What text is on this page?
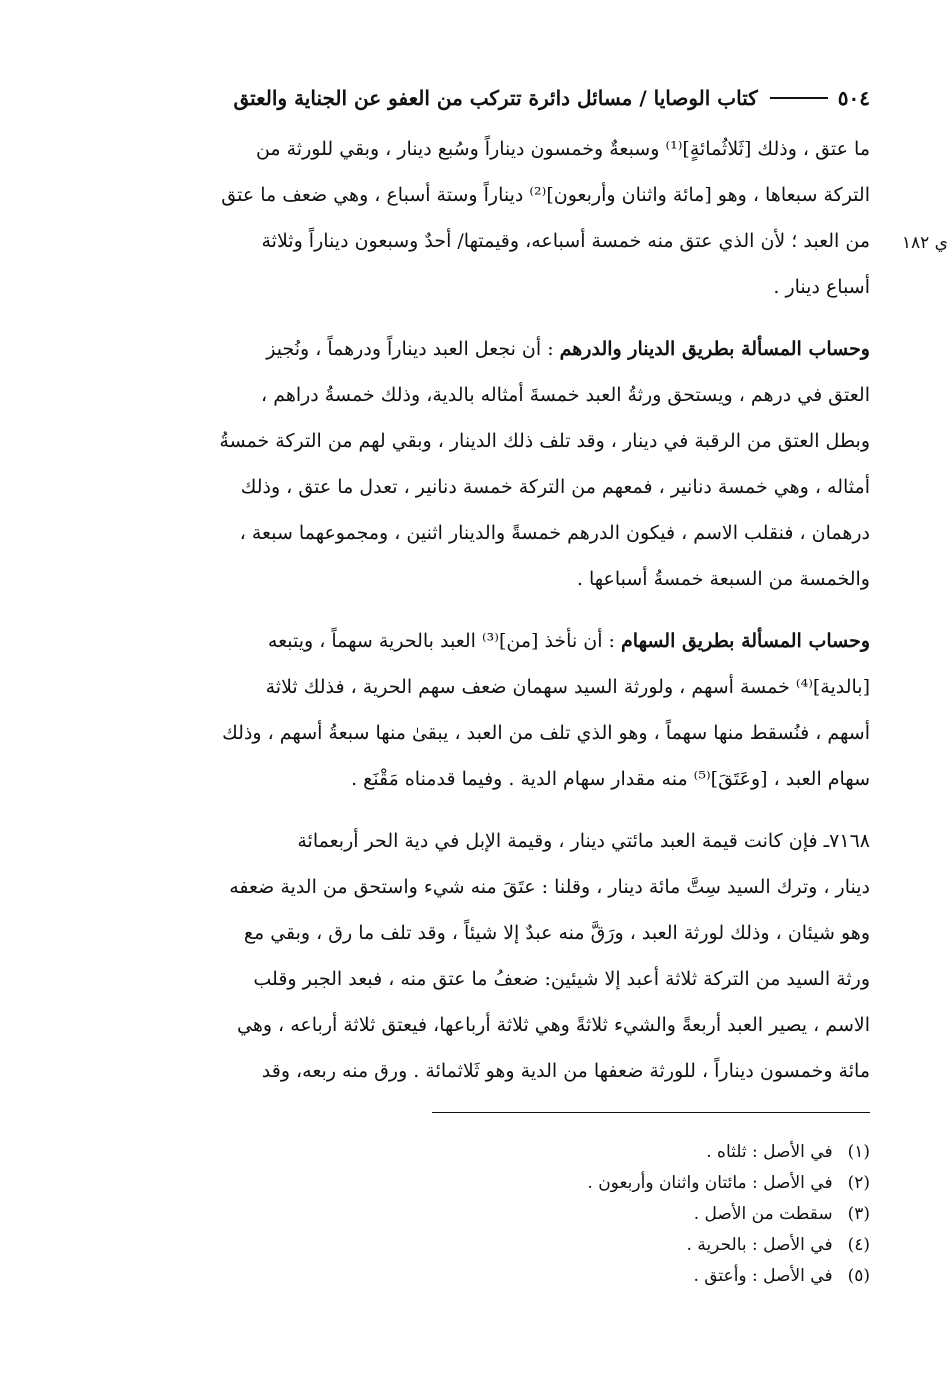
٥٠٤
كتاب الوصايا / مسائل دائرة تتركب من العفو عن الجناية والعتق
ي ١٨٢

ما عتق ، وذلك [ثَلاثُمائةٍ]⁽¹⁾ وسبعةٌ وخمسون ديناراً وسُبع دينار ، وبقي للورثة من
التركة سبعاها ، وهو [مائة واثنان وأربعون]⁽²⁾ ديناراً وستة أسباع ، وهي ضعف ما عتق
من العبد ؛ لأن الذي عتق منه خمسة أسباعه، وقيمتها/ أحدٌ وسبعون ديناراً وثلاثة
أسباع دينار .

وحساب المسألة بطريق الدينار والدرهم : أن نجعل العبد ديناراً ودرهماً ، ونُجيز
العتق في درهم ، ويستحق ورثةُ العبد خمسةَ أمثاله بالدية، وذلك خمسةُ دراهم ،
وبطل العتق من الرقبة في دينار ، وقد تلف ذلك الدينار ، وبقي لهم من التركة خمسةُ
أمثاله ، وهي خمسة دنانير ، فمعهم من التركة خمسة دنانير ، تعدل ما عتق ، وذلك
درهمان ، فنقلب الاسم ، فيكون الدرهم خمسةً والدينار اثنين ، ومجموعهما سبعة ،
والخمسة من السبعة خمسةُ أسباعها .

وحساب المسألة بطريق السهام : أن نأخذ [من]⁽³⁾ العبد بالحرية سهماً ، ويتبعه
[بالدية]⁽⁴⁾ خمسة أسهم ، ولورثة السيد سهمان ضعف سهم الحرية ، فذلك ثلاثة
أسهم ، فنُسقط منها سهماً ، وهو الذي تلف من العبد ، يبقىٰ منها سبعةُ أسهم ، وذلك
سهام العبد ، [وعَتَقَ]⁽⁵⁾ منه مقدار سهام الدية . وفيما قدمناه مَقْنَع .

٧١٦٨ـ فإن كانت قيمة العبد مائتي دينار ، وقيمة الإبل في دية الحر أربعمائة
دينار ، وترك السيد سِتَّ مائة دينار ، وقلنا : عتَقَ منه شيء واستحق من الدية ضعفه
وهو شيئان ، وذلك لورثة العبد ، ورَقَّ منه عبدٌ إلا شيئاً ، وقد تلف ما رق ، وبقي مع
ورثة السيد من التركة ثلاثة أعبد إلا شيئين: ضعفُ ما عتق منه ، فبعد الجبر وقلب
الاسم ، يصير العبد أربعةً والشيء ثلاثةً وهي ثلاثة أرباعها، فيعتق ثلاثة أرباعه ، وهي
مائة وخمسون ديناراً ، للورثة ضعفها من الدية وهو ثَلاثمائة . ورق منه ربعه، وقد

(١) في الأصل : ثلثاه .
(٢) في الأصل : مائتان واثنان وأربعون .
(٣) سقطت من الأصل .
(٤) في الأصل : بالحرية .
(٥) في الأصل : وأعتق .
